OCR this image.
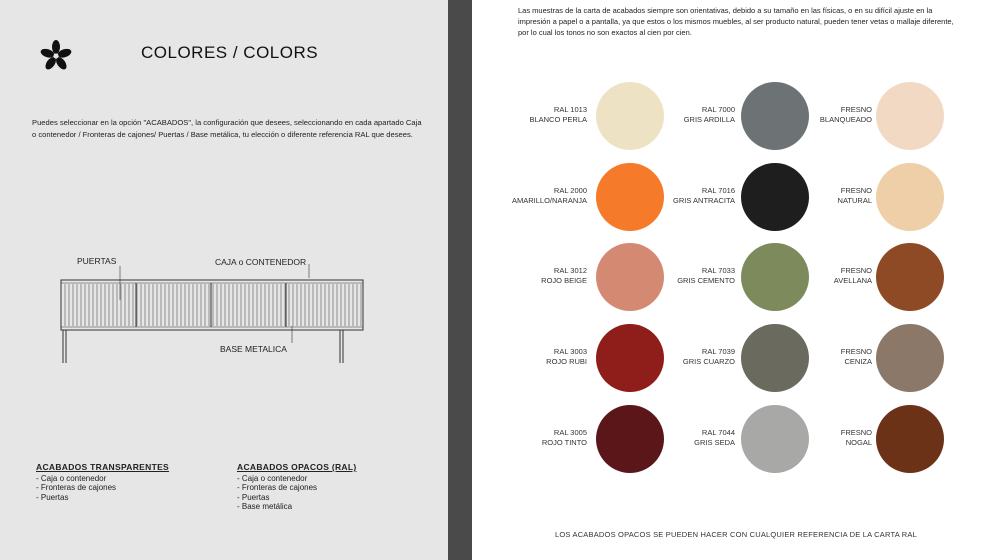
COLORES / COLORS
Puedes seleccionar en la opción "ACABADOS", la configuración que desees, seleccionando en cada apartado Caja o contenedor / Fronteras de cajones/ Puertas / Base metálica, tu elección o diferente referencia RAL que desees.
PUERTAS	CAJA o CONTENEDOR
BASE METALICA
ACABADOS TRANSPARENTES
- Caja o contenedor
- Fronteras de cajones
- Puertas
ACABADOS OPACOS (RAL)
- Caja o contenedor
- Fronteras de cajones
- Puertas
- Base metálica
Las muestras de la carta de acabados siempre son orientativas, debido a su tamaño en las físicas, o en su difícil ajuste en la impresión a papel o a pantalla, ya que estos o los mismos muebles, al ser producto natural, pueden tener vetas o mallaje diferente, por lo cual los tonos no son exactos al cien por cien.
RAL 1013
BLANCO PERLA
RAL 7000
GRIS ARDILLA
FRESNO
BLANQUEADO
RAL 2000
AMARILLO/NARANJA
RAL 7016
GRIS ANTRACITA
FRESNO
NATURAL
RAL 3012
ROJO BEIGE
RAL 7033
GRIS CEMENTO
FRESNO
AVELLANA
RAL 3003
ROJO RUBI
RAL 7039
GRIS CUARZO
FRESNO
CENIZA
RAL 3005
ROJO TINTO
RAL 7044
GRIS SEDA
FRESNO
NOGAL
LOS ACABADOS OPACOS SE PUEDEN HACER CON CUALQUIER REFERENCIA DE LA CARTA RAL
